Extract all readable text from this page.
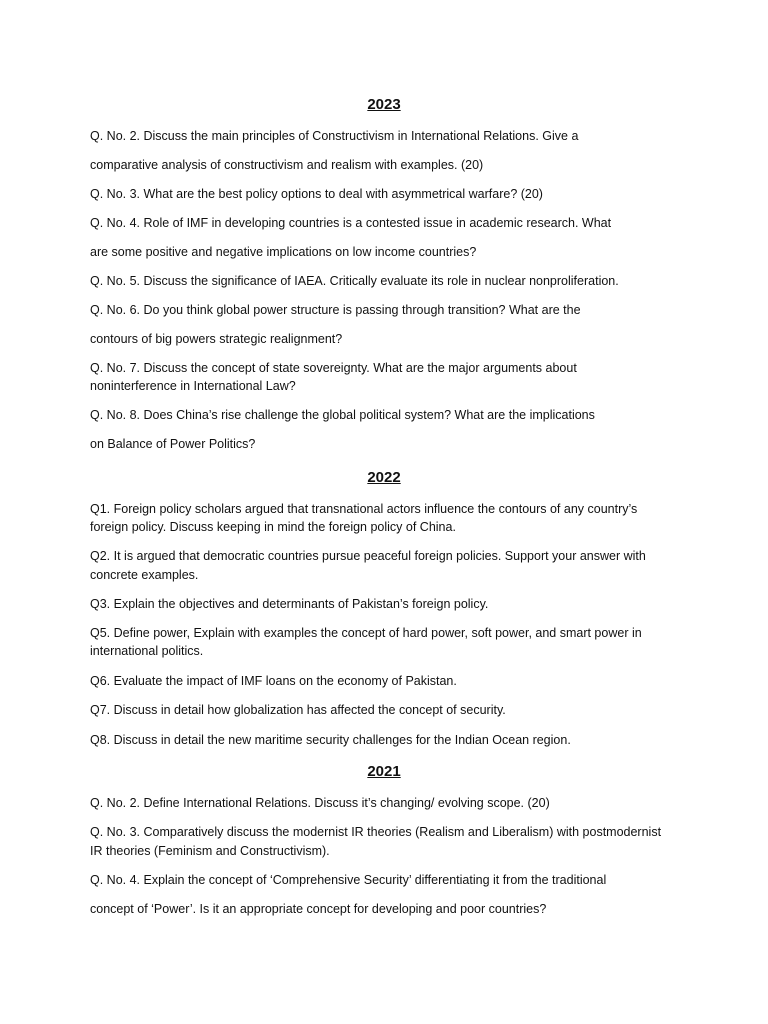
2023

Q. No. 2. Discuss the main principles of Constructivism in International Relations. Give a

comparative analysis of constructivism and realism with examples. (20)

Q. No. 3. What are the best policy options to deal with asymmetrical warfare? (20)

Q. No. 4. Role of IMF in developing countries is a contested issue in academic research. What

are some positive and negative implications on low income countries?

Q. No. 5. Discuss the significance of IAEA. Critically evaluate its role in nuclear nonproliferation.

Q. No. 6. Do you think global power structure is passing through transition? What are the

contours of big powers strategic realignment?

Q. No. 7. Discuss the concept of state sovereignty. What are the major arguments about

noninterference in International Law?

Q. No. 8. Does China’s rise challenge the global political system? What are the implications

on Balance of Power Politics?

2022

Q1. Foreign policy scholars argued that transnational actors influence the contours of any country’s

foreign policy. Discuss keeping in mind the foreign policy of China.

Q2. It is argued that democratic countries pursue peaceful foreign policies. Support your answer with

concrete examples.

Q3. Explain the objectives and determinants of Pakistan’s foreign policy.

Q5. Define power, Explain with examples the concept of hard power, soft power, and smart power in

international politics.

Q6. Evaluate the impact of IMF loans on the economy of Pakistan.

Q7. Discuss in detail how globalization has affected the concept of security.

Q8. Discuss in detail the new maritime security challenges for the Indian Ocean region.

2021

Q. No. 2. Define International Relations. Discuss it’s changing/ evolving scope. (20)

Q. No. 3. Comparatively discuss the modernist IR theories (Realism and Liberalism) with postmodernist

IR theories (Feminism and Constructivism).

Q. No. 4. Explain the concept of ‘Comprehensive Security’ differentiating it from the traditional

concept of ‘Power’. Is it an appropriate concept for developing and poor countries?
